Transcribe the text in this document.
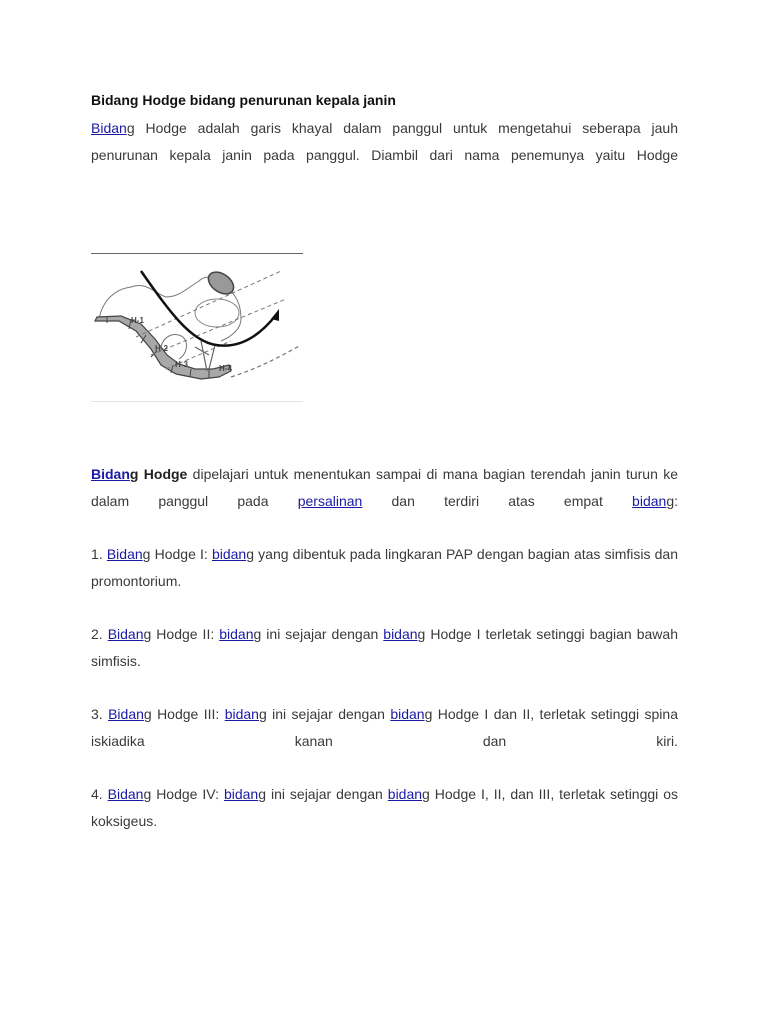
Bidang Hodge bidang penurunan kepala janin
Bidang Hodge adalah garis khayal dalam panggul untuk mengetahui seberapa jauh
penurunan kepala janin pada panggul. Diambil dari nama penemunya yaitu Hodge
H-1
H-2
H-3	H-4
Bidang Hodge dipelajari untuk menentukan sampai di mana bagian terendah janin turun ke dalam panggul pada persalinan dan terdiri atas empat bidang:
1. Bidang Hodge I: bidang yang dibentuk pada lingkaran PAP dengan bagian atas simfisis dan promontorium.
2. Bidang Hodge II: bidang ini sejajar dengan bidang Hodge I terletak setinggi bagian bawah simfisis.
3. Bidang Hodge III: bidang ini sejajar dengan bidang Hodge I dan II, terletak setinggi spina iskiadika kanan dan kiri.
4. Bidang Hodge IV: bidang ini sejajar dengan bidang Hodge I, II, dan III, terletak setinggi os koksigeus.
